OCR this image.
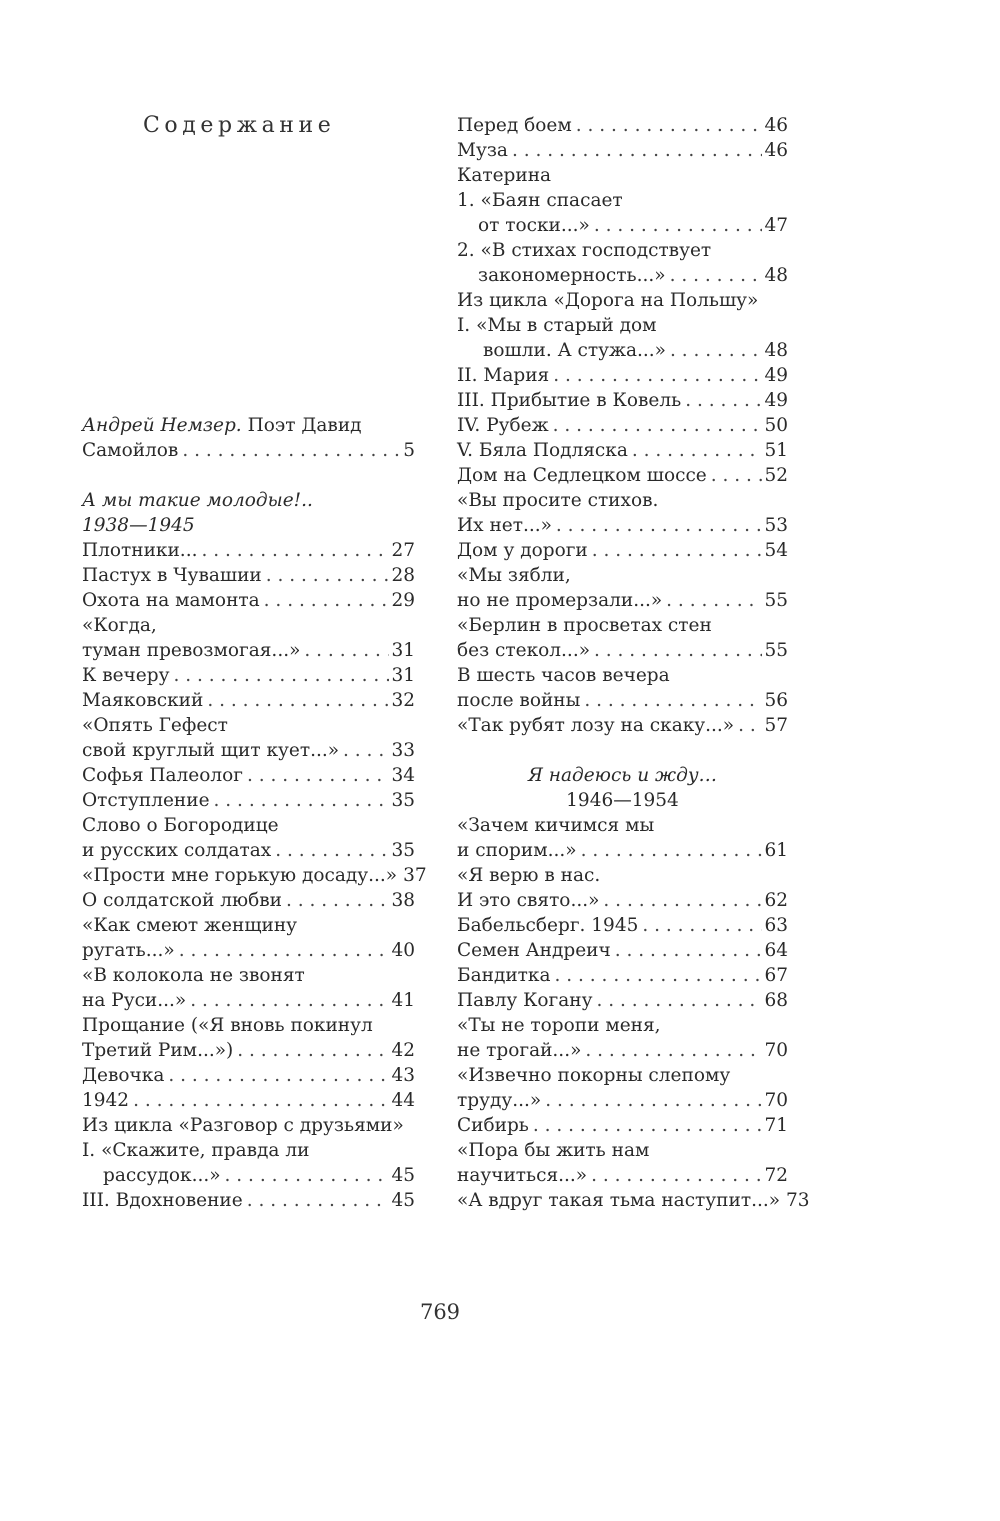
Содержание
Андрей Немзер. Поэт Давид
Самойлов . . .	5
А мы такие молодые!..
1938—1945
Плотники... . . .	27
Пастух в Чувашии . . .	28
Охота на мамонта . . .	29
«Когда,
туман превозмогая...» . . .	31
К вечеру . . .	31
Маяковский . . .	32
«Опять Гефест
свой круглый щит кует...» . . .	33
Софья Палеолог . . .	34
Отступление . . .	35
Слово о Богородице
и русских солдатах . . .	35
«Прости мне горькую досаду...» . . . 37
О солдатской любви . . .	38
«Как смеют женщину
ругать...» . . .	40
«В колокола не звонят
на Руси...» . . .	41
Прощание («Я вновь покинул
Третий Рим...») . . .	42
Девочка . . .	43
1942 . . .	44
Из цикла «Разговор с друзьями»
I. «Скажите, правда ли
рассудок...» . . .	45
III. Вдохновение . . .	45
Перед боем . . .	46
Муза . . .	46
Катерина
1. «Баян спасает
от тоски...» . . .	47
2. «В стихах господствует
закономерность...» . . .	48
Из цикла «Дорога на Польшу»
I. «Мы в старый дом
вошли. А стужа...» . . .	48
II. Мария . . .	49
III. Прибытие в Ковель . . .	49
IV. Рубеж . . .	50
V. Бяла Подляска . . .	51
Дом на Седлецком шоссе . . .	52
«Вы просите стихов.
Их нет...» . . .	53
Дом у дороги . . .	54
«Мы зябли,
но не промерзали...» . . .	55
«Берлин в просветах стен
без стекол...» . . .	55
В шесть часов вечера
после войны . . .	56
«Так рубят лозу на скаку...» . . . 57
Я надеюсь и жду…
1946—1954
«Зачем кичимся мы
и спорим...» . . .	61
«Я верю в нас.
И это свято...» . . .	62
Бабельсберг. 1945 . . .	63
Семен Андреич . . .	64
Бандитка . . .	67
Павлу Когану . . .	68
«Ты не торопи меня,
не трогай...» . . .	70
«Извечно покорны слепому
труду...» . . .	70
Сибирь . . .	71
«Пора бы жить нам
научиться...» . . .	72
«А вдруг такая тьма наступит...» . . . 73
769
